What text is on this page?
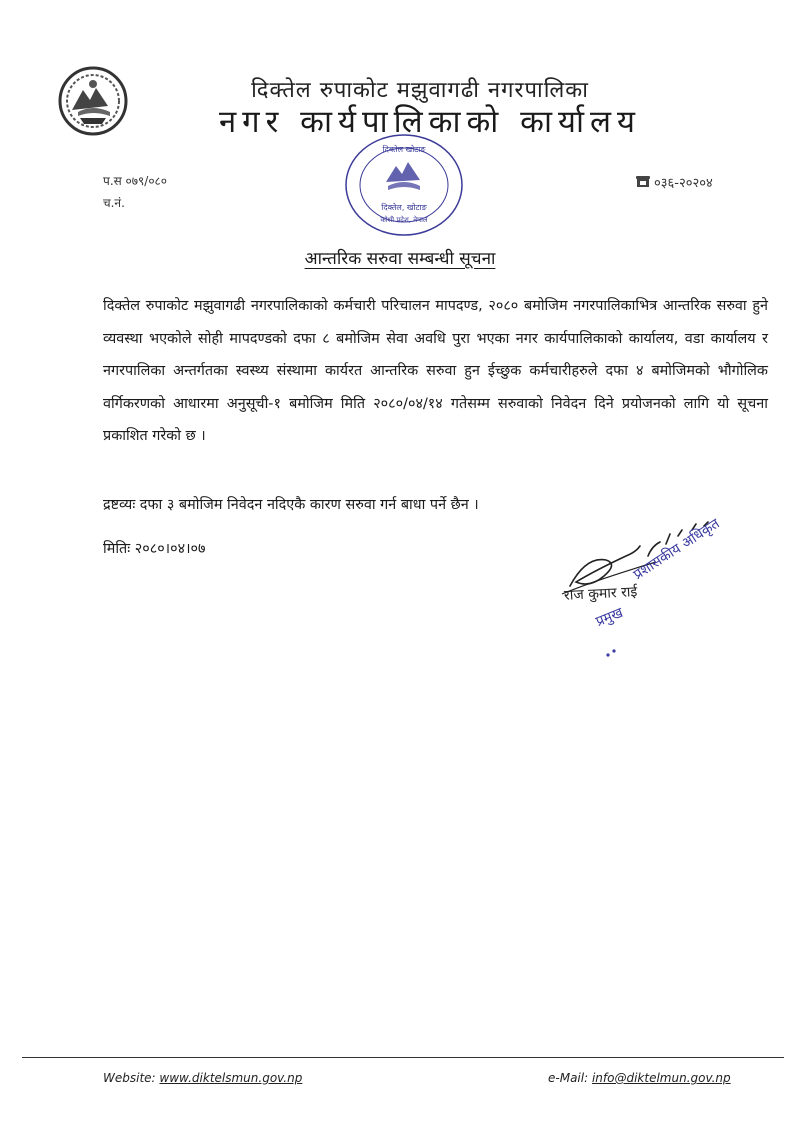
दिक्तेल रुपाकोट मझुवागढी नगरपालिका
नगर कार्यपालिकाको कार्यालय
दिक्तेल, खोटाङ
कोशी प्रदेश, नेपाल
दिक्तेल खोटाङ
प.स ०७९/०८०
च.नं.
०३६-२०२०४
आन्तरिक सरुवा सम्बन्धी सूचना
दिक्तेल रुपाकोट मझुवागढी नगरपालिकाको कर्मचारी परिचालन मापदण्ड, २०८० बमोजिम नगरपालिकाभित्र आन्तरिक सरुवा हुने व्यवस्था भएकोले सोही मापदण्डको दफा ८ बमोजिम सेवा अवधि पुरा भएका नगर कार्यपालिकाको कार्यालय, वडा कार्यालय र नगरपालिका अन्तर्गतका स्वस्थ्य संस्थामा कार्यरत आन्तरिक सरुवा हुन ईच्छुक कर्मचारीहरुले दफा ४ बमोजिमको भौगोलिक वर्गिकरणको आधारमा अनुसूची-१ बमोजिम मिति २०८०/०४/१४ गतेसम्म सरुवाको निवेदन दिने प्रयोजनको लागि यो सूचना प्रकाशित गरेको छ ।
द्रष्टव्यः दफा ३ बमोजिम निवेदन नदिएकै कारण सरुवा गर्न बाधा पर्ने छैन ।
मितिः २०८०।०४।०७
राज कुमार राई
प्रशासकीय अधिकृत
प्रमुख
Website: www.diktelsmun.gov.np	e-Mail: info@diktelmun.gov.np
